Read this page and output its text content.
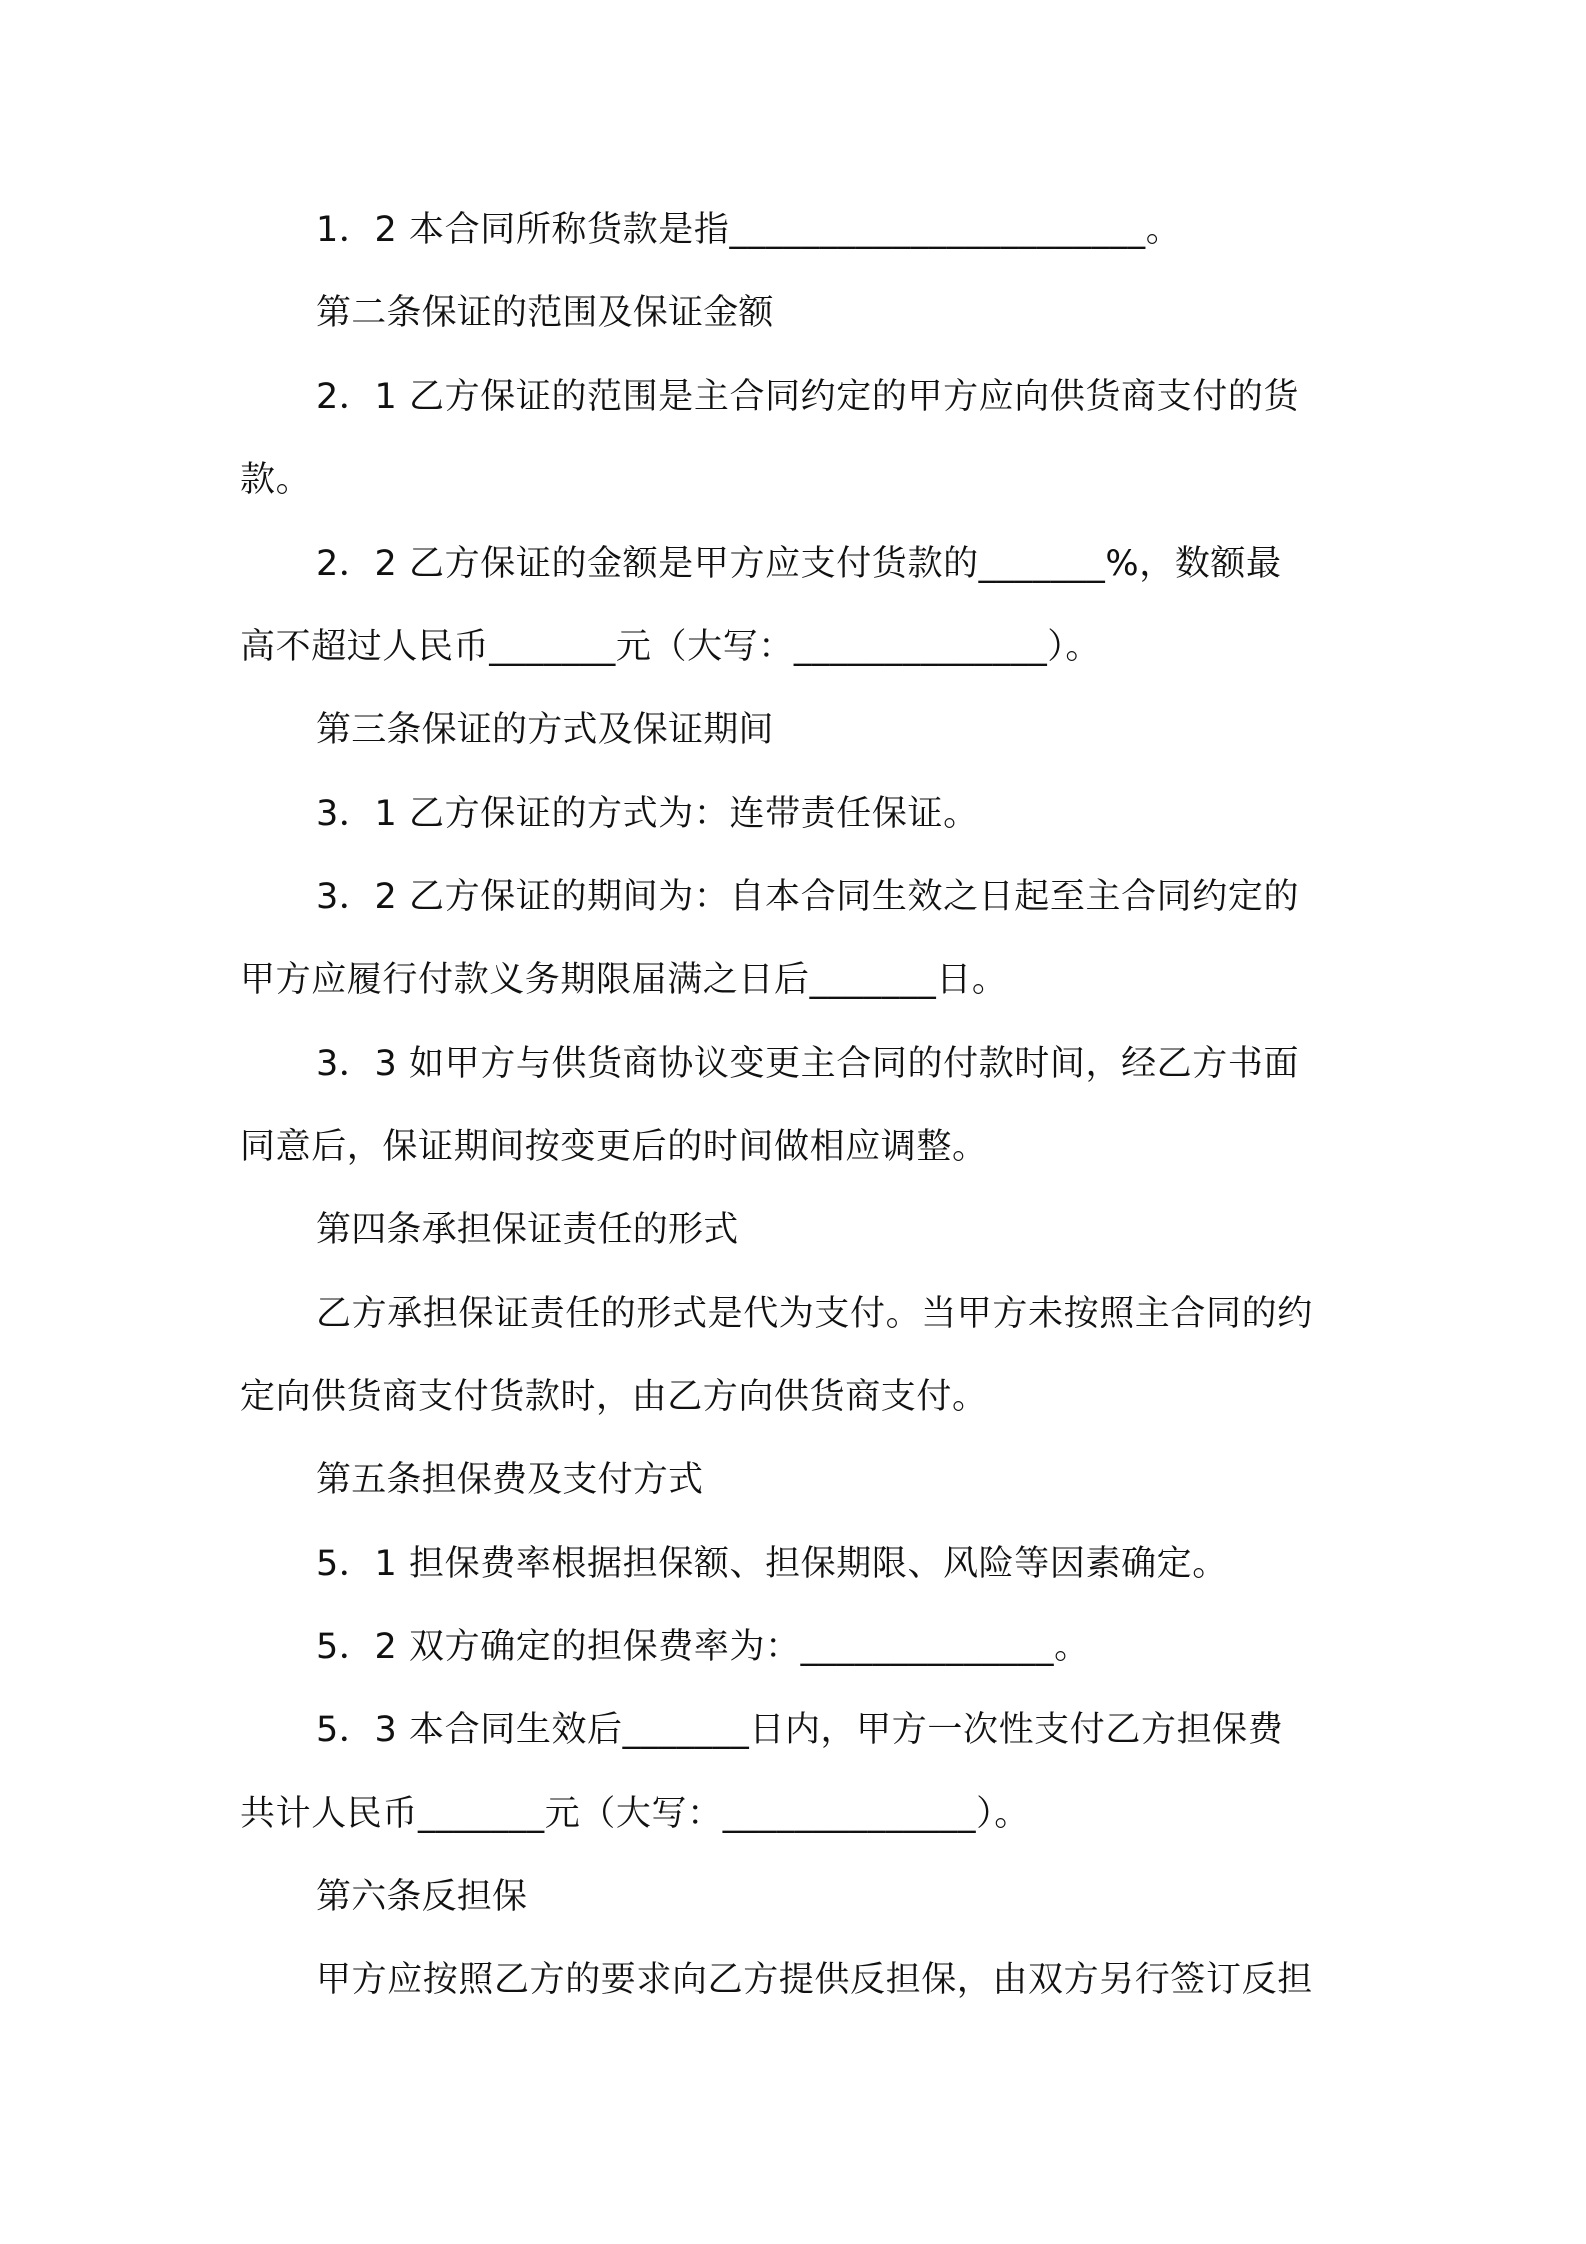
1．2 本合同所称货款是指_______________________。
第二条保证的范围及保证金额
2．1 乙方保证的范围是主合同约定的甲方应向供货商支付的货
款。
2．2 乙方保证的金额是甲方应支付货款的_______%，数额最
高不超过人民币_______元（大写：______________）。
第三条保证的方式及保证期间
3．1 乙方保证的方式为：连带责任保证。
3．2 乙方保证的期间为：自本合同生效之日起至主合同约定的
甲方应履行付款义务期限届满之日后_______日。
3．3 如甲方与供货商协议变更主合同的付款时间，经乙方书面
同意后，保证期间按变更后的时间做相应调整。
第四条承担保证责任的形式
乙方承担保证责任的形式是代为支付。当甲方未按照主合同的约
定向供货商支付货款时，由乙方向供货商支付。
第五条担保费及支付方式
5．1 担保费率根据担保额、担保期限、风险等因素确定。
5．2 双方确定的担保费率为：______________。
5．3 本合同生效后_______日内，甲方一次性支付乙方担保费
共计人民币_______元（大写：______________）。
第六条反担保
甲方应按照乙方的要求向乙方提供反担保，由双方另行签订反担
